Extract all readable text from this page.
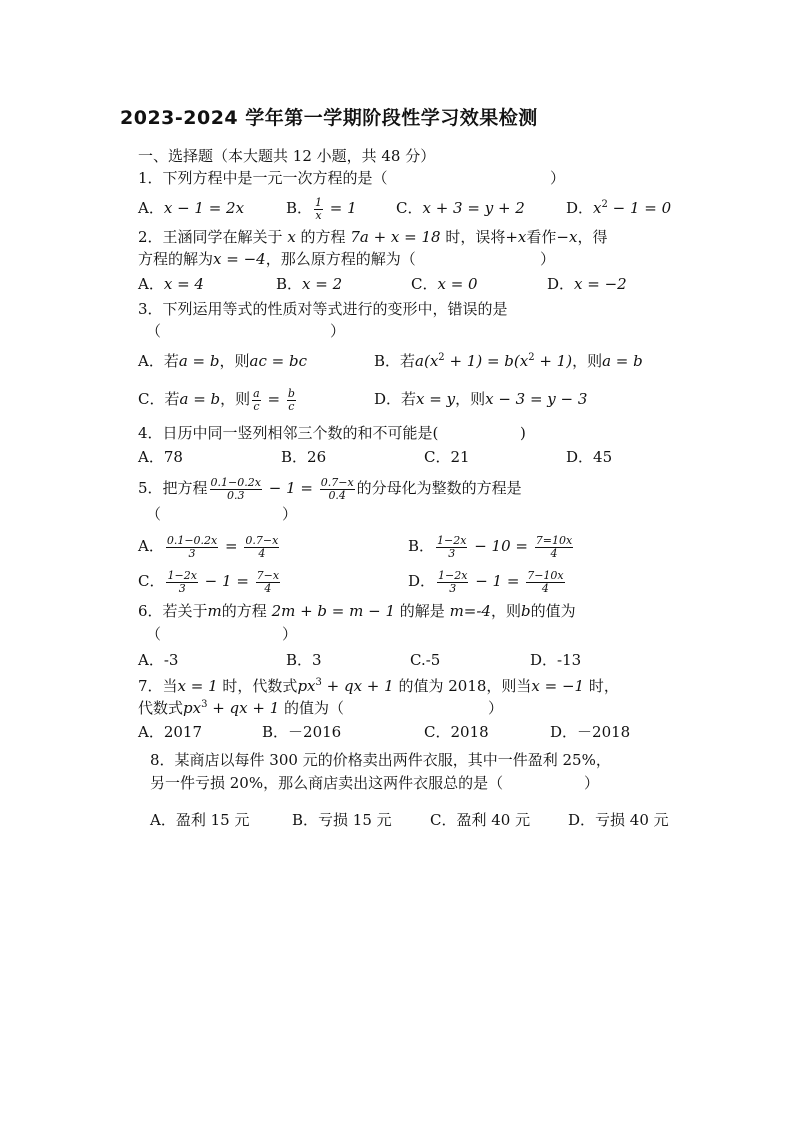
2023-2024 学年第一学期阶段性学习效果检测
一、选择题（本大题共 12 小题，共 48 分）
1．下列方程中是一元一次方程的是（	）
A．x − 1 = 2x	B． $\frac{1}{x} = 1$	C．x + 3 = y + 2	D．$x^2 - 1 = 0$
2．王涵同学在解关于 x 的方程 7a + x = 18 时，误将+x看作−x，得
方程的解为x = −4，那么原方程的解为（	）
A．x = 4	B．x = 2	C．x = 0	D．x = −2
3．下列运用等式的性质对等式进行的变形中，错误的是
（	）
A．若a = b，则ac = bc	B．若$a(x^2 + 1) = b(x^2 + 1)$，则a = b
C．若a = b，则 $\frac{a}{c} = \frac{b}{c}$	D．若x = y，则x − 3 = y − 3
4．日历中同一竖列相邻三个数的和不可能是(	)
A．78	B．26	C．21	D．45
5．把方程 $\frac{0.1-0.2x}{0.3} - 1 = \frac{0.7-x}{0.4}$ 的分母化为整数的方程是
（	）
A． $\frac{0.1-0.2x}{3} = \frac{0.7-x}{4}$	B． $\frac{1-2x}{3} - 10 = \frac{7=10x}{4}$
C． $\frac{1-2x}{3} - 1 = \frac{7-x}{4}$	D． $\frac{1-2x}{3} - 1 = \frac{7-10x}{4}$
6．若关于m的方程 2m + b = m − 1 的解是 m=-4，则b的值为
（	）
A．-3	B．3	C.-5	D．-13
7．当x = 1 时，代数式$px^3$ + qx + 1 的值为 2018，则当x = −1 时，
代数式$px^3$ + qx + 1 的值为（	）
A．2017	B．－2016	C．2018	D．－2018
8．某商店以每件 300 元的价格卖出两件衣服，其中一件盈利 25%，
另一件亏损 20%，那么商店卖出这两件衣服总的是（	）
A．盈利 15 元	B．亏损 15 元	C．盈利 40 元	D．亏损 40 元
